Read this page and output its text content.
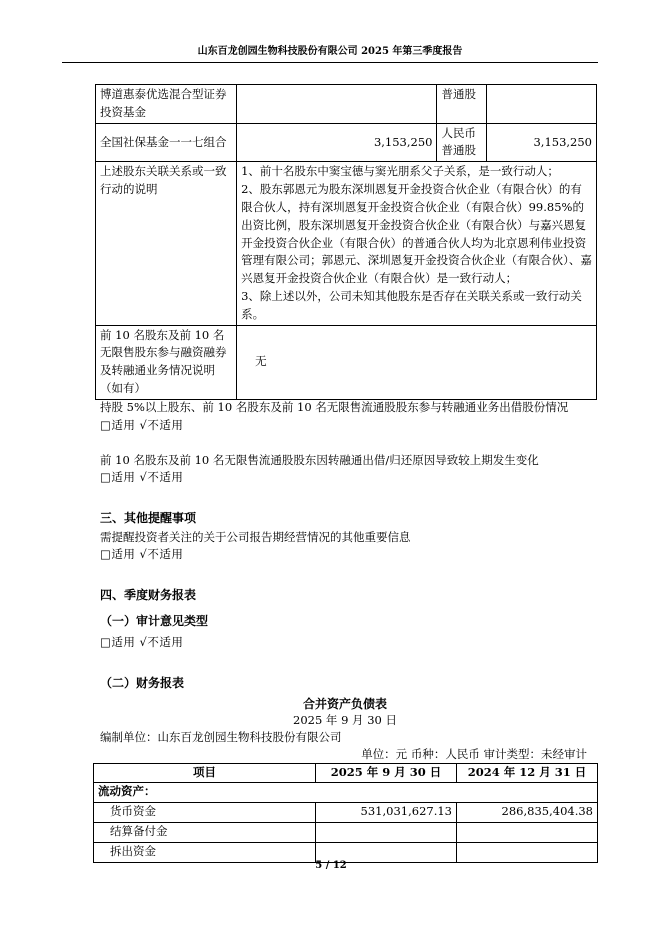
山东百龙创园生物科技股份有限公司 2025 年第三季度报告
博道惠泰优选混合型证券投资基金		普通股	
全国社保基金一一七组合	3,153,250	人民币普通股	3,153,250
上述股东关联关系或一致行动的说明	1、前十名股东中窦宝德与窦光朋系父子关系，是一致行动人；
2、股东郭恩元为股东深圳恩复开金投资合伙企业（有限合伙）的有限合伙人，持有深圳恩复开金投资合伙企业（有限合伙）99.85%的出资比例，股东深圳恩复开金投资合伙企业（有限合伙）与嘉兴恩复开金投资合伙企业（有限合伙）的普通合伙人均为北京恩利伟业投资管理有限公司；郭恩元、深圳恩复开金投资合伙企业（有限合伙）、嘉兴恩复开金投资合伙企业（有限合伙）是一致行动人；
3、除上述以外，公司未知其他股东是否存在关联关系或一致行动关系。		

前 10 名股东及前 10 名无限售股东参与融资融券及转融通业务情况说明（如有）	无		
持股 5%以上股东、前 10 名股东及前 10 名无限售流通股股东参与转融通业务出借股份情况
□适用 √不适用
前 10 名股东及前 10 名无限售流通股股东因转融通出借/归还原因导致较上期发生变化
□适用 √不适用
三、其他提醒事项
需提醒投资者关注的关于公司报告期经营情况的其他重要信息
□适用 √不适用
四、季度财务报表
（一）审计意见类型
□适用 √不适用
（二）财务报表
合并资产负债表
2025 年 9 月 30 日
编制单位：山东百龙创园生物科技股份有限公司
单位：元 币种：人民币 审计类型：未经审计
项目	2025 年 9 月 30 日	2024 年 12 月 31 日
流动资产：		
货币资金	531,031,627.13	286,835,404.38
结算备付金		
拆出资金		
5 / 12
